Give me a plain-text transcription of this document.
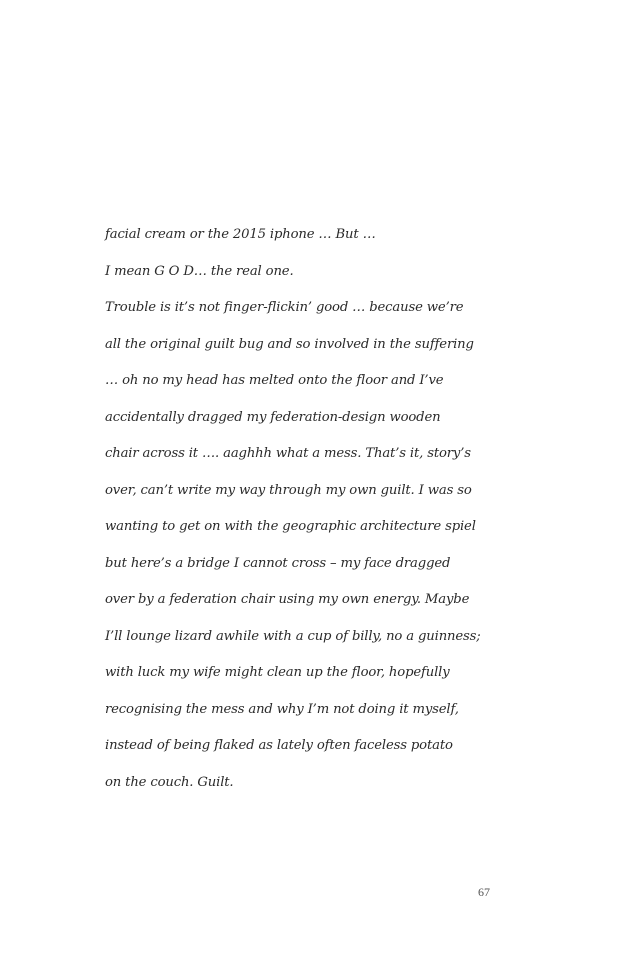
facial cream or the 2015 iphone … But …
I mean G O D… the real one.
Trouble is it’s not finger-flickin’ good … because we’re
all the original guilt bug and so involved in the suffering
… oh no my head has melted onto the floor and I’ve
accidentally dragged my federation-design wooden
chair across it …. aaghhh what a mess. That’s it, story’s
over, can’t write my way through my own guilt. I was so
wanting to get on with the geographic architecture spiel
but here’s a bridge I cannot cross – my face dragged
over by a federation chair using my own energy. Maybe
I’ll lounge lizard awhile with a cup of billy, no a guinness;
with luck my wife might clean up the floor, hopefully
recognising the mess and why I’m not doing it myself,
instead of being flaked as lately often faceless potato
on the couch. Guilt.
67
